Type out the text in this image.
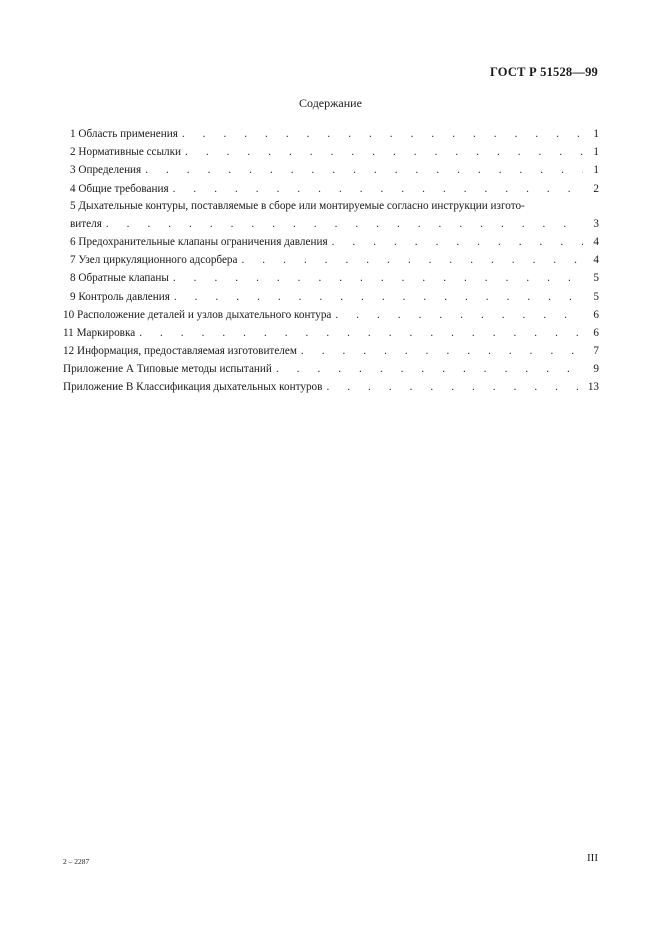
ГОСТ Р 51528—99
Содержание
1 Область применения . . .	1
2 Нормативные ссылки . . .	1
3 Определения . . .	1
4 Общие требования . . .	2
5 Дыхательные контуры, поставляемые в сборе или монтируемые согласно инструкции изгото-
вителя . . .	3
6 Предохранительные клапаны ограничения давления . . .	4
7 Узел циркуляционного адсорбера . . .	4
8 Обратные клапаны . . .	5
9 Контроль давления . . .	5
10 Расположение деталей и узлов дыхательного контура . . .	6
11 Маркировка . . .	6
12 Информация, предоставляемая изготовителем . . .	7
Приложение А Типовые методы испытаний . . .	9
Приложение В Классификация дыхательных контуров . . .	13
2 – 2287	III
